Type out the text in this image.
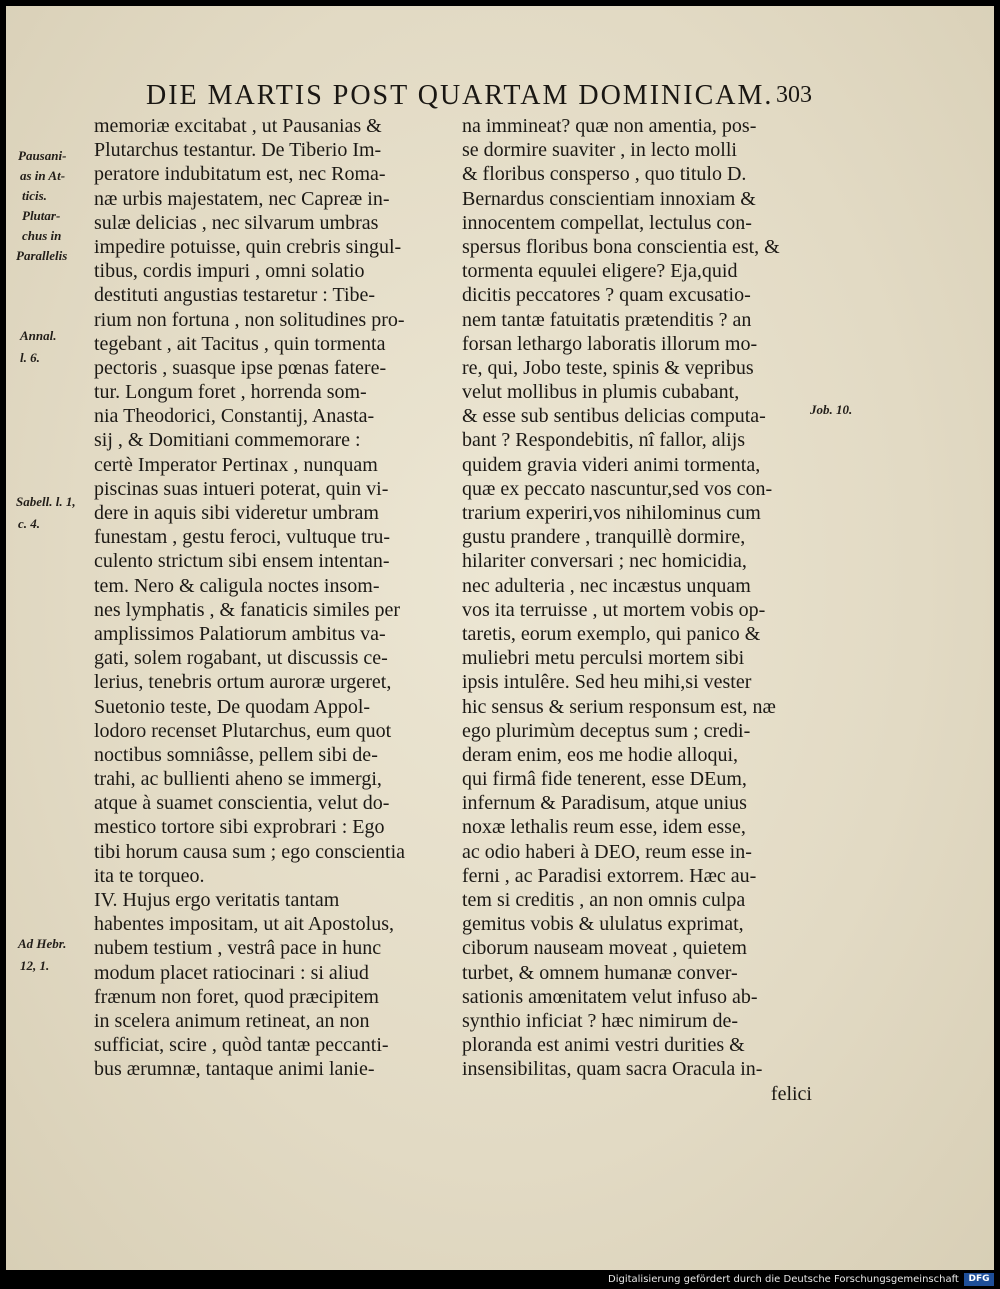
DIE MARTIS POST QUARTAM DOMINICAM. 303
Pausani-
as in At-
ticis.
Plutar-
chus in
Parallelis
Annal.
l. 6.
Sabell. l. 1,
c. 4.
Job. 10.
Ad Hebr.
12, 1.
memoriæ excitabat , ut Pausanias &
Plutarchus testantur. De Tiberio Im-
peratore indubitatum est, nec Roma-
næ urbis majestatem, nec Capreæ in-
sulæ delicias , nec silvarum umbras
impedire potuisse, quin crebris singul-
tibus, cordis impuri , omni solatio
destituti angustias testaretur : Tibe-
rium non fortuna , non solitudines pro-
tegebant , ait Tacitus , quin tormenta
pectoris , suasque ipse pœnas fatere-
tur. Longum foret , horrenda som-
nia Theodorici, Constantij, Anasta-
sij , & Domitiani commemorare :
certè Imperator Pertinax , nunquam
piscinas suas intueri poterat, quin vi-
dere in aquis sibi videretur umbram
funestam , gestu feroci, vultuque tru-
culento strictum sibi ensem intentan-
tem. Nero & caligula noctes insom-
nes lymphatis , & fanaticis similes per
amplissimos Palatiorum ambitus va-
gati, solem rogabant, ut discussis ce-
lerius, tenebris ortum auroræ urgeret,
Suetonio teste, De quodam Appol-
lodoro recenset Plutarchus, eum quot
noctibus somniâsse, pellem sibi de-
trahi, ac bullienti aheno se immergi,
atque à suamet conscientia, velut do-
mestico tortore sibi exprobrari : Ego
tibi horum causa sum ; ego conscientia
ita te torqueo.
IV. Hujus ergo veritatis tantam
habentes impositam, ut ait Apostolus,
nubem testium , vestrâ pace in hunc
modum placet ratiocinari : si aliud
frænum non foret, quod præcipitem
in scelera animum retineat, an non
sufficiat, scire , quòd tantæ peccanti-
bus ærumnæ, tantaque animi lanie-
na immineat? quæ non amentia, pos-
se dormire suaviter , in lecto molli
& floribus consperso , quo titulo D.
Bernardus conscientiam innoxiam &
innocentem compellat, lectulus con-
spersus floribus bona conscientia est, &
tormenta equulei eligere? Eja,quid
dicitis peccatores ? quam excusatio-
nem tantæ fatuitatis prætenditis ? an
forsan lethargo laboratis illorum mo-
re, qui, Jobo teste, spinis & vepribus
velut mollibus in plumis cubabant,
& esse sub sentibus delicias computa-
bant ? Respondebitis, nî fallor, alijs
quidem gravia videri animi tormenta,
quæ ex peccato nascuntur,sed vos con-
trarium experiri,vos nihilominus cum
gustu prandere , tranquillè dormire,
hilariter conversari ; nec homicidia,
nec adulteria , nec incæstus unquam
vos ita terruisse , ut mortem vobis op-
taretis, eorum exemplo, qui panico &
muliebri metu perculsi mortem sibi
ipsis intulêre. Sed heu mihi,si vester
hic sensus & serium responsum est, næ
ego plurimùm deceptus sum ; credi-
deram enim, eos me hodie alloqui,
qui firmâ fide tenerent, esse DEum,
infernum & Paradisum, atque unius
noxæ lethalis reum esse, idem esse,
ac odio haberi à DEO, reum esse in-
ferni , ac Paradisi extorrem. Hæc au-
tem si creditis , an non omnis culpa
gemitus vobis & ululatus exprimat,
ciborum nauseam moveat , quietem
turbet, & omnem humanæ conver-
sationis amœnitatem velut infuso ab-
synthio inficiat ? hæc nimirum de-
ploranda est animi vestri durities &
insensibilitas, quam sacra Oracula in-
felici
Digitalisierung gefördert durch die Deutsche Forschungsgemeinschaft	DFG
